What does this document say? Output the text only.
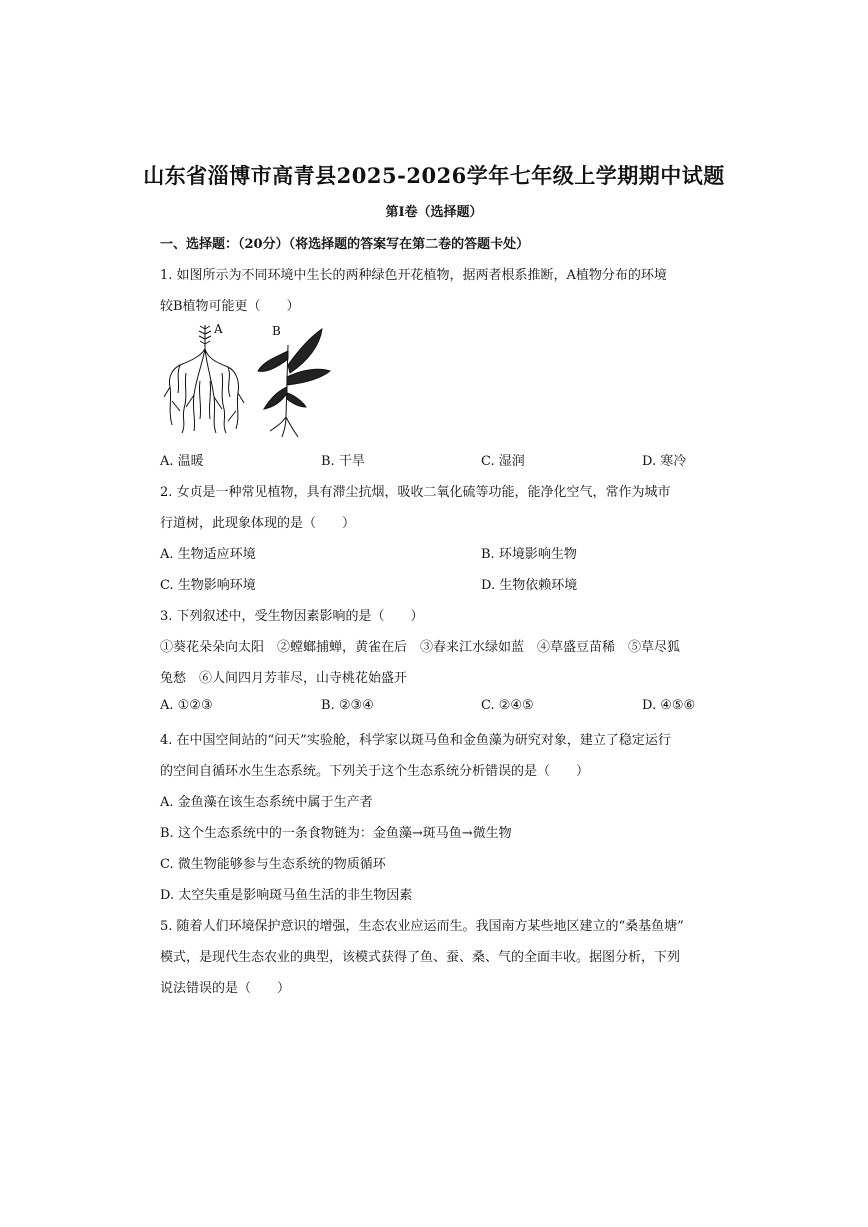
山东省淄博市高青县2025-2026学年七年级上学期期中试题
第Ⅰ卷（选择题）
一、选择题：（20分）（将选择题的答案写在第二卷的答题卡处）
1. 如图所示为不同环境中生长的两种绿色开花植物，据两者根系推断，A植物分布的环境
较B植物可能更（　　）
A	B
A. 温暖	B. 干旱	C. 湿润	D. 寒冷
2. 女贞是一种常见植物，具有滞尘抗烟，吸收二氧化硫等功能，能净化空气，常作为城市
行道树，此现象体现的是（　　）
A. 生物适应环境	B. 环境影响生物
C. 生物影响环境	D. 生物依赖环境
3. 下列叙述中，受生物因素影响的是（　　）
①葵花朵朵向太阳　②螳螂捕蝉，黄雀在后　③春来江水绿如蓝　④草盛豆苗稀　⑤草尽狐
兔愁　⑥人间四月芳菲尽，山寺桃花始盛开
A. ①②③	B. ②③④	C. ②④⑤	D. ④⑤⑥
4. 在中国空间站的“问天”实验舱，科学家以斑马鱼和金鱼藻为研究对象，建立了稳定运行
的空间自循环水生生态系统。下列关于这个生态系统分析错误的是（　　）
A. 金鱼藻在该生态系统中属于生产者
B. 这个生态系统中的一条食物链为：金鱼藻→斑马鱼→微生物
C. 微生物能够参与生态系统的物质循环
D. 太空失重是影响斑马鱼生活的非生物因素
5. 随着人们环境保护意识的增强，生态农业应运而生。我国南方某些地区建立的“桑基鱼塘”
模式，是现代生态农业的典型，该模式获得了鱼、蚕、桑、气的全面丰收。据图分析，下列
说法错误的是（　　）
